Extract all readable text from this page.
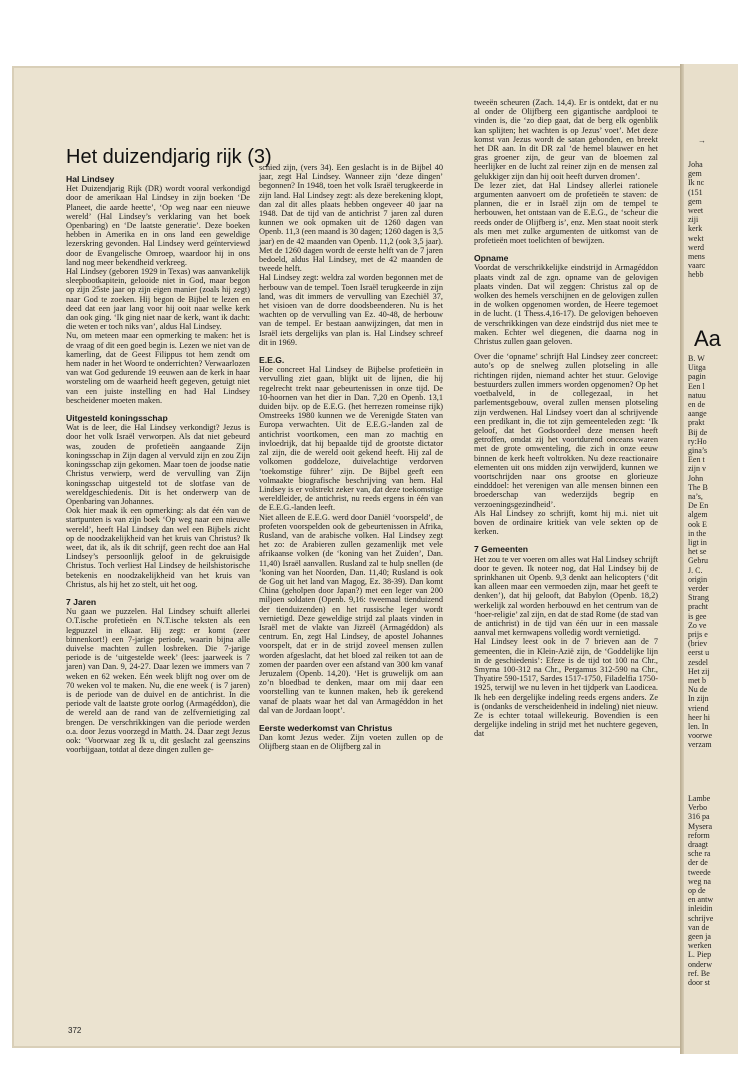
→
Joha
gem
Ik nc
(151
gem
weet
ziji
kerk
wekt
werd
mens
vaarc
hebb
Aa
B. W
Uitga
pagin
Een l
natuu
en de
aange
prakt
Bij de
ry:Ho
gina’s
Een t
zijn v
John
The B
na’s,
De En
algem
ook E
in the
ligt in
het se
Gebru
J. C.
origin
verder
Strang
pracht
is gee
Zo ve
prijs e
(briev
eerst u
zesdel
Het zij
met b
Nu de
In zijn
vriend
heer hi
len. In
voorwe
verzam
Lambe
Verbo
316 pa
Mysera
reform
draagt
sche ra
der de
tweede
weg na
op de
en antw
inleidin
schrijve
van de
geen ja
werken
L. Piep
onderw
ref. Be
door st
Het duizendjarig rijk (3)
Hal Lindsey

Het Duizendjarig Rijk (DR) wordt vooral verkondigd door de amerikaan Hal Lindsey in zijn boeken ‘De Planeet, die aarde heette’, ‘Op weg naar een nieuwe wereld’ (Hal Lindsey’s verklaring van het boek Openbaring) en ‘De laatste generatie’. Deze boeken hebben in Amerika en in ons land een geweldige lezerskring gevonden. Hal Lindsey werd geïnterviewd door de Evangelische Omroep, waardoor hij in ons land nog meer bekendheid verkreeg.

Hal Lindsey (geboren 1929 in Texas) was aanvankelijk sleepbootkapitein, gelooide niet in God, maar begon op zijn 25ste jaar op zijn eigen manier (zoals hij zegt) naar God te zoeken. Hij begon de Bijbel te lezen en deed dat een jaar lang voor hij ooit naar welke kerk dan ook ging. ‘Ik ging niet naar de kerk, want ik dacht: die weten er toch niks van’, aldus Hal Lindsey.

Nu, om meteen maar een opmerking te maken: het is de vraag of dit een goed begin is. Lezen we niet van de kamerling, dat de Geest Filippus tot hem zendt om hem nader in het Woord te onderrichten? Verwaarlozen van wat God gedurende 19 eeuwen aan de kerk in haar worsteling om de waarheid heeft gegeven, getuigt niet van een juiste instelling en had Hal Lindsey bescheidener moeten maken.

Uitgesteld koningsschap

Wat is de leer, die Hal Lindsey verkondigt? Jezus is door het volk Israël verworpen. Als dat niet gebeurd was, zouden de profetieën aangaande Zijn koningsschap in Zijn dagen al vervuld zijn en zou Zijn koningsschap zijn gekomen. Maar toen de joodse natie Christus verwierp, werd de vervulling van Zijn koningsschap uitgesteld tot de slotfase van de wereldgeschiedenis. Dit is het onderwerp van de Openbaring van Johannes.

Ook hier maak ik een opmerking: als dat één van de startpunten is van zijn boek ‘Op weg naar een nieuwe wereld’, heeft Hal Lindsey dan wel een Bijbels zicht op de noodzakelijkheid van het kruis van Christus? Ik weet, dat ik, als ik dit schrijf, geen recht doe aan Hal Lindsey’s persoonlijk geloof in de gekruisigde Christus. Toch verliest Hal Lindsey de heilshistorische betekenis en noodzakelijkheid van het kruis van Christus, als hij het zo stelt, uit het oog.

7 Jaren

Nu gaan we puzzelen. Hal Lindsey schuift allerlei O.T.ische profetieën en N.T.ische teksten als een legpuzzel in elkaar. Hij zegt: er komt (zeer binnenkort!) een 7-jarige periode, waarin bijna alle duivelse machten zullen losbreken. Die 7-jarige periode is de ‘uitgestelde week’ (lees: jaarweek is 7 jaren) van Dan. 9, 24-27. Daar lezen we immers van 7 weken en 62 weken. Eén week blijft nog over om de 70 weken vol te maken. Nu, die ene week ( is 7 jaren) is de periode van de duivel en de antichrist. In die periode valt de laatste grote oorlog (Armagéddon), die de wereld aan de rand van de zelfvernietiging zal brengen. De verschrikkingen van die periode werden o.a. door Jezus voorzegd in Matth. 24. Daar zegt Jezus ook: ‘Voorwaar zeg Ik u, dit geslacht zal geenszins voorbijgaan, totdat al deze dingen zullen ge-

schied zijn, (vers 34). Een geslacht is in de Bijbel 40 jaar, zegt Hal Lindsey. Wanneer zijn ‘deze dingen’ begonnen? In 1948, toen het volk Israël terugkeerde in zijn land. Hal Lindsey zegt: als deze berekening klopt, dan zal dit alles plaats hebben ongeveer 40 jaar na 1948. Dat de tijd van de antichrist 7 jaren zal duren kunnen we ook opmaken uit de 1260 dagen van Openb. 11,3 (een maand is 30 dagen; 1260 dagen is 3,5 jaar) en de 42 maanden van Openb. 11,2 (ook 3,5 jaar). Met de 1260 dagen wordt de eerste helft van de 7 jaren bedoeld, aldus Hal Lindsey, met de 42 maanden de tweede helft.

Hal Lindsey zegt: weldra zal worden begonnen met de herbouw van de tempel. Toen Israël terugkeerde in zijn land, was dit immers de vervulling van Ezechiël 37, het visioen van de dorre doodsbeenderen. Nu is het wachten op de vervulling van Ez. 40-48, de herbouw van de tempel. Er bestaan aanwijzingen, dat men in Israël iets dergelijks van plan is. Hal Lindsey schreef dit in 1969.

E.E.G.

Hoe concreet Hal Lindsey de Bijbelse profetieën in vervulling ziet gaan, blijkt uit de lijnen, die hij regelrecht trekt naar gebeurtenissen in onze tijd. De 10-hoornen van het dier in Dan. 7,20 en Openb. 13,1 duiden bijv. op de E.E.G. (het herrezen romeinse rijk) Omstreeks 1980 kunnen we de Verenigde Staten van Europa verwachten. Uit de E.E.G.-landen zal de antichrist voortkomen, een man zo machtig en invloedrijk, dat hij bepaalde tijd de grootste dictator zal zijn, die de wereld ooit gekend heeft. Hij zal de volkomen goddeloze, duivelachtige verdorven ‘toekomstige führer’ zijn. De Bijbel geeft een volmaakte biografische beschrijving van hem. Hal Lindsey is er volstrekt zeker van, dat deze toekomstige wereldleider, de antichrist, nu reeds ergens in één van de E.E.G.-landen leeft.

Niet alleen de E.E.G. werd door Daniël ‘voorspeld’, de profeten voorspelden ook de gebeurtenissen in Afrika, Rusland, van de arabische volken. Hal Lindsey zegt het zo: de Arabieren zullen gezamenlijk met vele afrikaanse volken (de ‘koning van het Zuiden’, Dan. 11,40) Israël aanvallen. Rusland zal te hulp snellen (de ‘koning van het Noorden, Dan. 11,40; Rusland is ook de Gog uit het land van Magog, Ez. 38-39). Dan komt China (geholpen door Japan?) met een leger van 200 miljoen soldaten (Openb. 9,16: tweemaal tienduizend der tienduizenden) en het russische leger wordt vernietigd. Deze geweldige strijd zal plaats vinden in Israël met de vlakte van Jizreël (Armagéddon) als centrum. En, zegt Hal Lindsey, de apostel Johannes voorspelt, dat er in de strijd zoveel mensen zullen worden afgeslacht, dat het bloed zal reiken tot aan de zomen der paarden over een afstand van 300 km vanaf Jeruzalem (Openb. 14,20). ‘Het is gruwelijk om aan zo’n bloedbad te denken, maar om mij daar een voorstelling van te kunnen maken, heb ik gerekend vanaf de plaats waar het dal van Armagéddon in het dal van de Jordaan loopt’.

Eerste wederkomst van Christus

Dan komt Jezus weder. Zijn voeten zullen op de Olijfberg staan en de Olijfberg zal in

tweeën scheuren (Zach. 14,4). Er is ontdekt, dat er nu al onder de Olijfberg een gigantische aardplooi te vinden is, die ‘zo diep gaat, dat de berg elk ogenblik kan splijten; het wachten is op Jezus’ voet’. Met deze komst van Jezus wordt de satan gebonden, en breekt het DR aan. In dit DR zal ‘de hemel blauwer en het gras groener zijn, de geur van de bloemen zal heerlijker en de lucht zal reiner zijn en de mensen zal gelukkiger zijn dan hij ooit heeft durven dromen’.

De lezer ziet, dat Hal Lindsey allerlei rationele argumenten aanvoert om de profetieën te staven: de plannen, die er in Israël zijn om de tempel te herbouwen, het ontstaan van de E.E.G., de ‘scheur die reeds onder de Olijfberg is’, enz. Men staat nooit sterk als men met zulke argumenten de uitkomst van de profetieën moet toelichten of bewijzen.

Opname

Voordat de verschrikkelijke eindstrijd in Armagéddon plaats vindt zal de zgn. opname van de gelovigen plaats vinden. Dat wil zeggen: Christus zal op de wolken des hemels verschijnen en de gelovigen zullen in de wolken opgenomen worden, de Heere tegemoet in de lucht. (1 Thess.4,16-17). De gelovigen behoeven de verschrikkingen van deze eindstrijd dus niet mee te maken. Echter wel diegenen, die daarna nog in Christus zullen gaan geloven.

Over die ‘opname’ schrijft Hal Lindsey zeer concreet: auto’s op de snelweg zullen plotseling in alle richtingen rijden, niemand achter het stuur. Gelovige bestuurders zullen immers worden opgenomen? Op het voetbalveld, in de collegezaal, in het parlementsgebouw, overal zullen mensen plotseling zijn verdwenen. Hal Lindsey voert dan al schrijvende een predikant in, die tot zijn gemeenteleden zegt: ‘Ik geloof, dat het Godsoordeel deze mensen heeft getroffen, omdat zij het voortdurend onceans waren met de grote omwenteling, die zich in onze eeuw binnen de kerk heeft voltrokken. Nu deze reactionaire elementen uit ons midden zijn verwijderd, kunnen we voortschrijden naar ons grootse en glorieuze eindddoel: het verenigen van alle mensen binnen een broederschap van wederzijds begrip en verzoeningsgezindheid’.

Als Hal Lindsey zo schrijft, komt hij m.i. niet uit boven de ordinaire kritiek van vele sekten op de kerken.

7 Gemeenten

Het zou te ver voeren om alles wat Hal Lindsey schrijft door te geven. Ik noteer nog, dat Hal Lindsey bij de sprinkhanen uit Openb. 9,3 denkt aan helicopters (‘dit kan alleen maar een vermoeden zijn, maar het geeft te denken’), dat hij gelooft, dat Babylon (Openb. 18,2) werkelijk zal worden herbouwd en het centrum van de ‘hoer-religie’ zal zijn, en dat de stad Rome (de stad van de antichrist) in de tijd van één uur in een massale aanval met kernwapens volledig wordt vernietigd.

Hal Lindsey leest ook in de 7 brieven aan de 7 gemeenten, die in Klein-Azië zijn, de ‘Goddelijke lijn in de geschiedenis’: Efeze is de tijd tot 100 na Chr., Smyrna 100-312 na Chr., Pergamus 312-590 na Chr., Thyatire 590-1517, Sardes 1517-1750, Filadelfia 1750-1925, terwijl we nu leven in het tijdperk van Laodicea. Ik heb een dergelijke indeling reeds ergens anders. Ze is (ondanks de verscheidenheid in indeling) niet nieuw. Ze is echter totaal willekeurig. Bovendien is een dergelijke indeling in strijd met het nuchtere gegeven, dat

372
